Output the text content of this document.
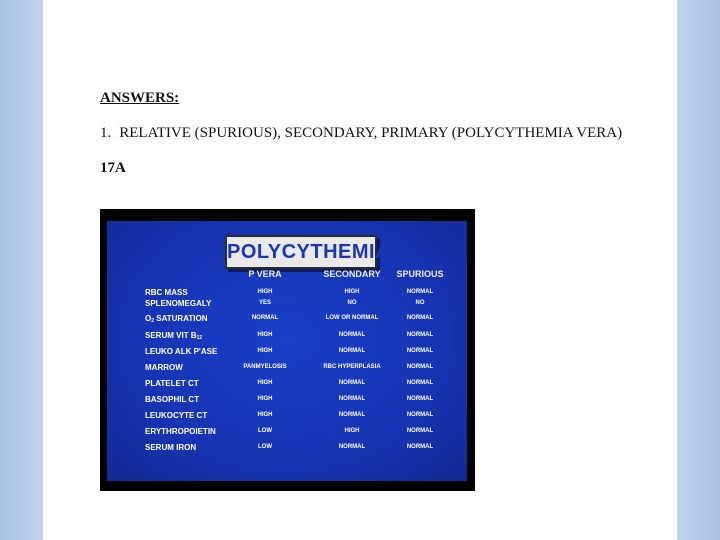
ANSWERS:
1. RELATIVE (SPURIOUS), SECONDARY, PRIMARY (POLYCYTHEMIA VERA)
17A
POLYCYTHEMIA
P VERA	SECONDARY	SPURIOUS
RBC MASS	HIGH	HIGH	NORMAL
SPLENOMEGALY	YES	NO	NO
$O_2$ SATURATION	NORMAL	LOW OR NORMAL	NORMAL
SERUM VIT $B_{12}$	HIGH	NORMAL	NORMAL
LEUKO ALK P'ASE	HIGH	NORMAL	NORMAL
MARROW	PANMYELOSIS	RBC HYPERPLASIA	NORMAL
PLATELET CT	HIGH	NORMAL	NORMAL
BASOPHIL CT	HIGH	NORMAL	NORMAL
LEUKOCYTE CT	HIGH	NORMAL	NORMAL
ERYTHROPOIETIN	LOW	HIGH	NORMAL
SERUM IRON	LOW	NORMAL	NORMAL
